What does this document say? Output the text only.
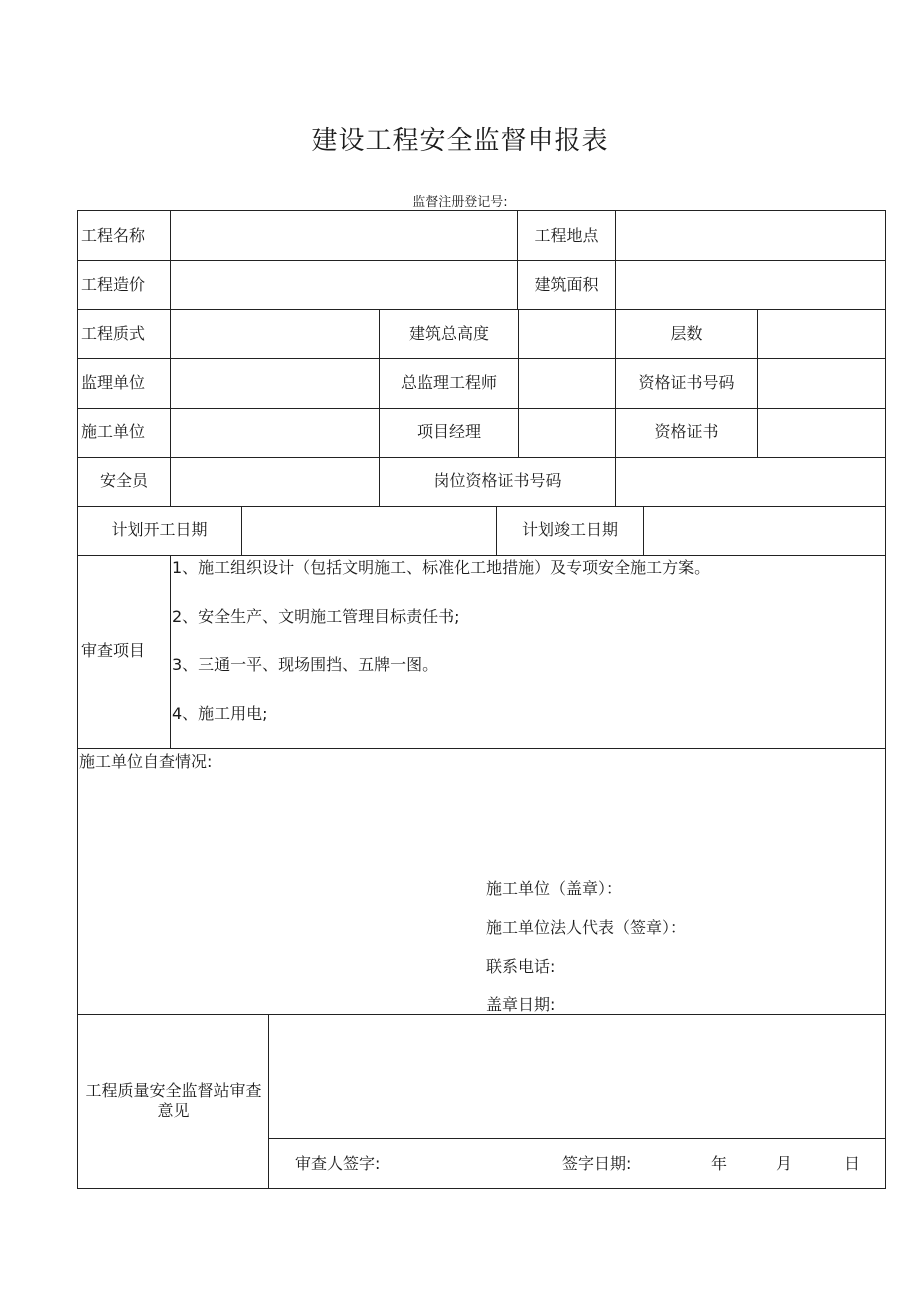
建设工程安全监督申报表
监督注册登记号:
工程名称	工程地点
工程造价	建筑面积
工程质式	建筑总高度	层数
监理单位	总监理工程师	资格证书号码
施工单位	项目经理	资格证书
安全员	岗位资格证书号码
计划开工日期	计划竣工日期
审查项目
1、施工组织设计（包括文明施工、标准化工地措施）及专项安全施工方案。
2、安全生产、文明施工管理目标责任书;
3、三通一平、现场围挡、五牌一图。
4、施工用电;
施工单位自查情况:
施工单位（盖章）：
施工单位法人代表（签章）：
联系电话:
盖章日期:
工程质量安全监督站审查意见
审查人签字:	签字日期:	年	月	日
